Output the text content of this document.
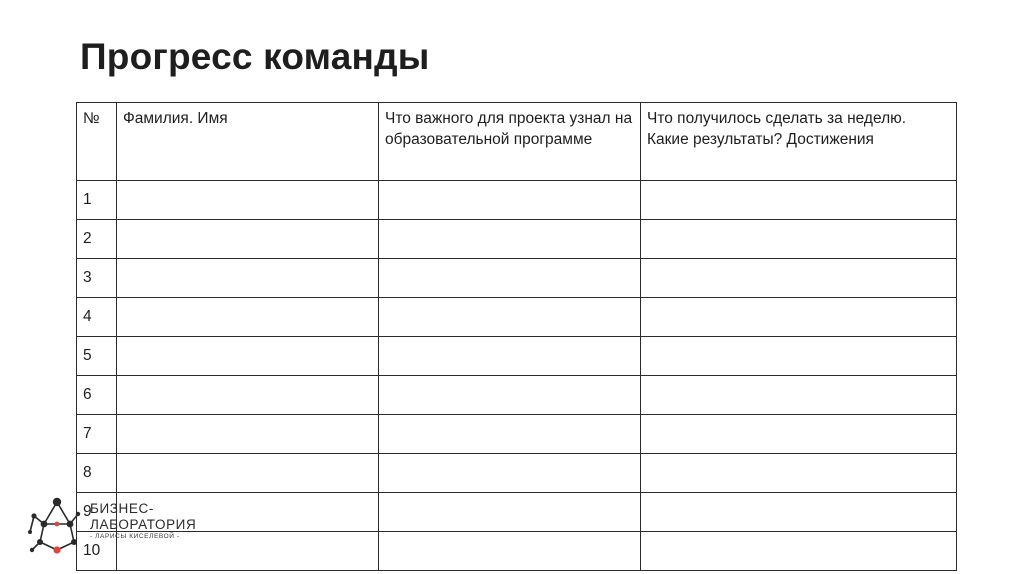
Прогресс команды
№	Фамилия. Имя	Что важного для проекта узнал на образовательной программе	Что получилось сделать за неделю.
Какие результаты? Достижения

1			
2			
3			
4			
5			
6			
7			
8			
9			
10			
БИЗНЕС-
ЛАБОРАТОРИЯ
- ЛАРИСЫ КИСЕЛЕВОЙ -
